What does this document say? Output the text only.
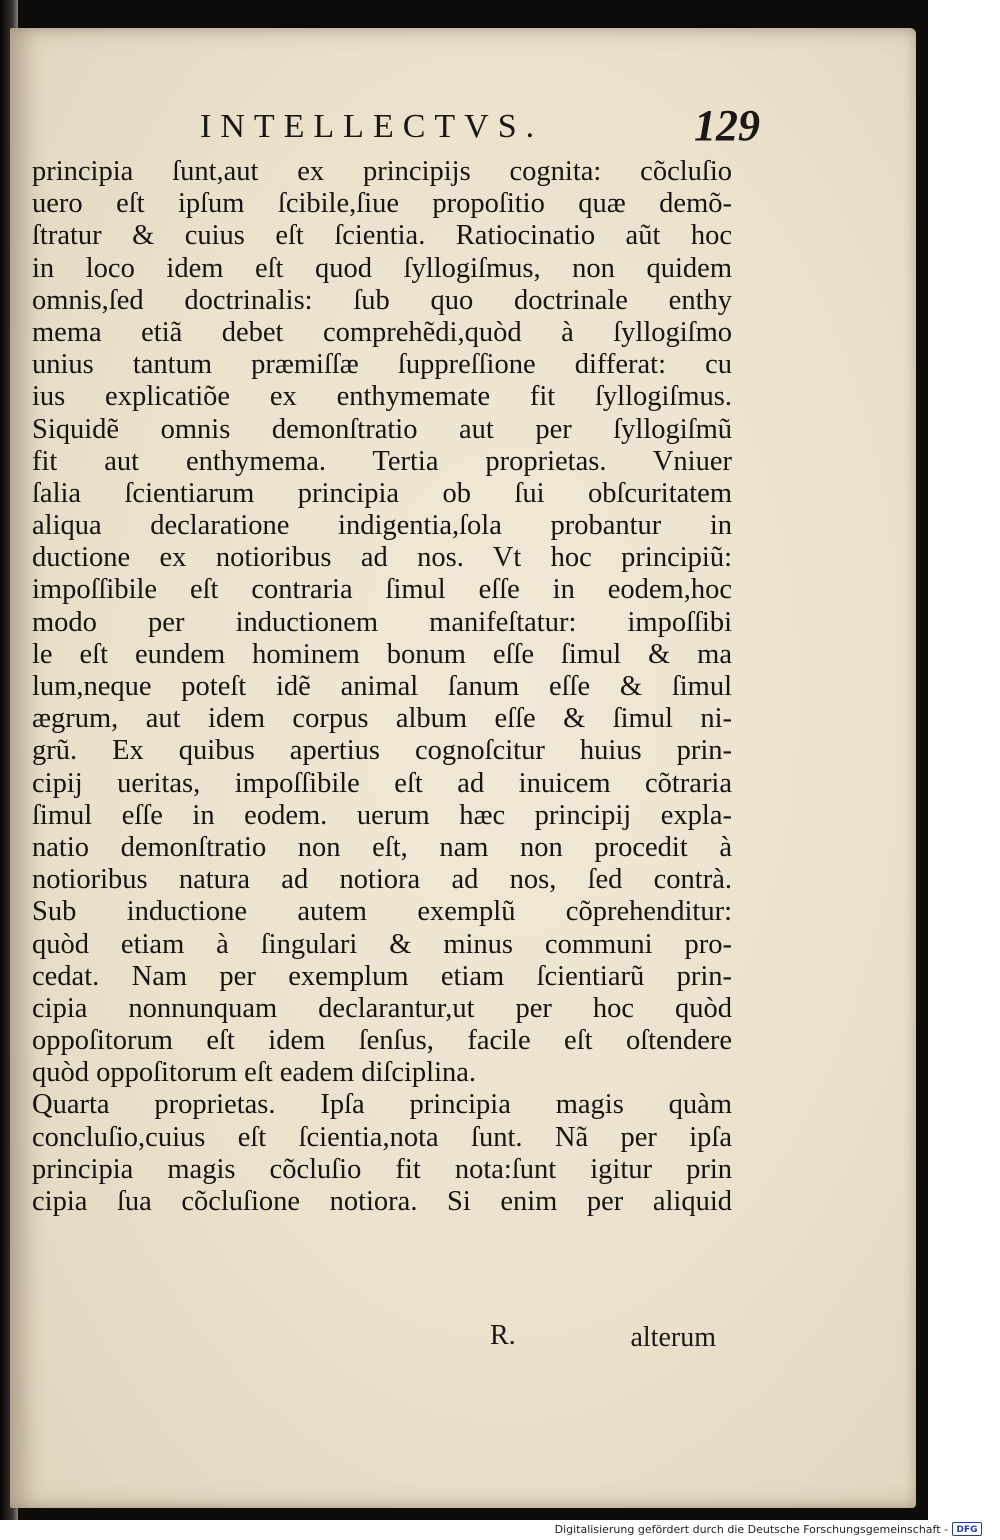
INTELLECTVS.	129
principia ſunt,aut ex principijs cognita: cõcluſio
uero eſt ipſum ſcibile,ſiue propoſitio quæ demõ-
ſtratur & cuius eſt ſcientia. Ratiocinatio aũt hoc
in loco idem eſt quod ſyllogiſmus, non quidem
omnis,ſed doctrinalis: ſub quo doctrinale enthy
mema etiã debet comprehẽdi,quòd à ſyllogiſmo
unius tantum præmiſſæ ſuppreſſione differat: cu
ius explicatiõe ex enthymemate fit ſyllogiſmus.
Siquidẽ omnis demonſtratio aut per ſyllogiſmũ
fit aut enthymema. Tertia proprietas. Vniuer
ſalia ſcientiarum principia ob ſui obſcuritatem
aliqua declaratione indigentia,ſola probantur in
ductione ex notioribus ad nos. Vt hoc principiũ:
impoſſibile eſt contraria ſimul eſſe in eodem,hoc
modo per inductionem manifeſtatur: impoſſibi
le eſt eundem hominem bonum eſſe ſimul & ma
lum,neque poteſt idẽ animal ſanum eſſe & ſimul
ægrum, aut idem corpus album eſſe & ſimul ni-
grũ. Ex quibus apertius cognoſcitur huius prin-
cipij ueritas, impoſſibile eſt ad inuicem cõtraria
ſimul eſſe in eodem. uerum hæc principij expla-
natio demonſtratio non eſt, nam non procedit à
notioribus natura ad notiora ad nos, ſed contrà.
Sub inductione autem exemplũ cõprehenditur:
quòd etiam à ſingulari & minus communi pro-
cedat. Nam per exemplum etiam ſcientiarũ prin-
cipia nonnunquam declarantur,ut per hoc quòd
oppoſitorum eſt idem ſenſus, facile eſt oſtendere
quòd oppoſitorum eſt eadem diſciplina.
Quarta proprietas. Ipſa principia magis quàm
concluſio,cuius eſt ſcientia,nota ſunt. Nã per ipſa
principia magis cõcluſio fit nota:ſunt igitur prin
cipia ſua cõcluſione notiora. Si enim per aliquid
R.	alterum
Digitalisierung gefördert durch die Deutsche Forschungsgemeinschaft - DFG
